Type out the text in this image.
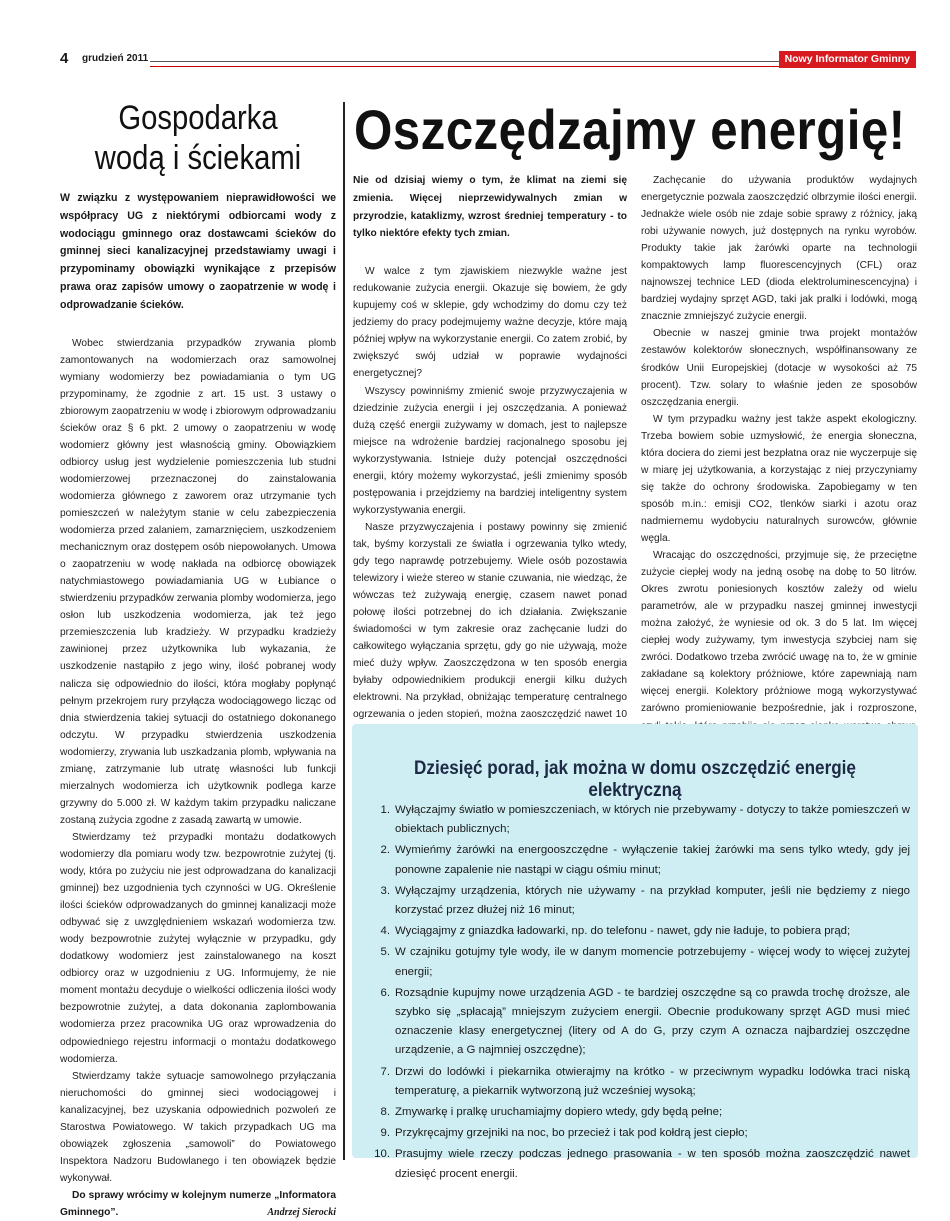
4 grudzień 2011	Nowy Informator Gminny
Gospodarka
wodą i ściekami

W związku z występowaniem nieprawidłowości we współpracy UG z niektórymi odbiorcami wody z wodociągu gminnego oraz dostawcami ścieków do gminnej sieci kanalizacyjnej przedstawiamy uwagi i przypominamy obowiązki wynikające z przepisów prawa oraz zapisów umowy o zaopatrzenie w wodę i odprowadzanie ścieków.

Wobec stwierdzania przypadków zrywania plomb zamontowanych na wodomierzach oraz samowolnej wymiany wodomierzy bez powiadamiania o tym UG przypominamy, że zgodnie z art. 15 ust. 3 ustawy o zbiorowym zaopatrzeniu w wodę i zbiorowym odprowadzaniu ścieków oraz § 6 pkt. 2 umowy o zaopatrzeniu w wodę wodomierz główny jest własnością gminy. Obowiązkiem odbiorcy usług jest wydzielenie pomieszczenia lub studni wodomierzowej przeznaczonej do zainstalowania wodomierza głównego z zaworem oraz utrzymanie tych pomieszczeń w należytym stanie w celu zabezpieczenia wodomierza przed zalaniem, zamarznięciem, uszkodzeniem mechanicznym oraz dostępem osób niepowołanych. Umowa o zaopatrzeniu w wodę nakłada na odbiorcę obowiązek natychmiastowego powiadamiania UG w Łubiance o stwierdzeniu przypadków zerwania plomby wodomierza, jego osłon lub uszkodzenia wodomierza, jak też jego przemieszczenia lub kradzieży. W przypadku kradzieży zawinionej przez użytkownika lub wykazania, że uszkodzenie nastąpiło z jego winy, ilość pobranej wody nalicza się odpowiednio do ilości, która mogłaby popłynąć pełnym przekrojem rury przyłącza wodociągowego licząc od dnia stwierdzenia takiej sytuacji do ostatniego dokonanego odczytu. W przypadku stwierdzenia uszkodzenia wodomierzy, zrywania lub uszkadzania plomb, wpływania na zmianę, zatrzymanie lub utratę własności lub funkcji mierzalnych wodomierza ich użytkownik podlega karze grzywny do 5.000 zł. W każdym takim przypadku naliczane zostaną zużycia zgodne z zasadą zawartą w umowie.

Stwierdzamy też przypadki montażu dodatkowych wodomierzy dla pomiaru wody tzw. bezpowrotnie zużytej (tj. wody, która po zużyciu nie jest odprowadzana do kanalizacji gminnej) bez uzgodnienia tych czynności w UG. Określenie ilości ścieków odprowadzanych do gminnej kanalizacji może odbywać się z uwzględnieniem wskazań wodomierza tzw. wody bezpowrotnie zużytej wyłącznie w przypadku, gdy dodatkowy wodomierz jest zainstalowanego na koszt odbiorcy oraz w uzgodnieniu z UG. Informujemy, że nie moment montażu decyduje o wielkości odliczenia ilości wody bezpowrotnie zużytej, a data dokonania zaplombowania wodomierza przez pracownika UG oraz wprowadzenia do odpowiedniego rejestru informacji o montażu dodatkowego wodomierza.

Stwierdzamy także sytuacje samowolnego przyłączania nieruchomości do gminnej sieci wodociągowej i kanalizacyjnej, bez uzyskania odpowiednich pozwoleń ze Starostwa Powiatowego. W takich przypadkach UG ma obowiązek zgłoszenia „samowoli” do Powiatowego Inspektora Nadzoru Budowlanego i ten obowiązek będzie wykonywał.

Do sprawy wrócimy w kolejnym numerze „Informatora Gminnego”.	Andrzej Sierocki

Oszczędzajmy energię!

Nie od dzisiaj wiemy o tym, że klimat na ziemi się zmienia. Więcej nieprzewidywalnych zmian w przyrodzie, kataklizmy, wzrost średniej temperatury - to tylko niektóre efekty tych zmian.

W walce z tym zjawiskiem niezwykle ważne jest redukowanie zużycia energii. Okazuje się bowiem, że gdy kupujemy coś w sklepie, gdy wchodzimy do domu czy też jedziemy do pracy podejmujemy ważne decyzje, które mają później wpływ na wykorzystanie energii. Co zatem zrobić, by zwiększyć swój udział w poprawie wydajności energetycznej?

Wszyscy powinniśmy zmienić swoje przyzwyczajenia w dziedzinie zużycia energii i jej oszczędzania. A ponieważ dużą część energii zużywamy w domach, jest to najlepsze miejsce na wdrożenie bardziej racjonalnego sposobu jej wykorzystywania. Istnieje duży potencjał oszczędności energii, który możemy wykorzystać, jeśli zmienimy sposób postępowania i przejdziemy na bardziej inteligentny system wykorzystywania energii.

Nasze przyzwyczajenia i postawy powinny się zmienić tak, byśmy korzystali ze światła i ogrzewania tylko wtedy, gdy tego naprawdę potrzebujemy. Wiele osób pozostawia telewizory i wieże stereo w stanie czuwania, nie wiedząc, że wówczas też zużywają energię, czasem nawet ponad połowę ilości potrzebnej do ich działania. Zwiększanie świadomości w tym zakresie oraz zachęcanie ludzi do całkowitego wyłączania sprzętu, gdy go nie używają, może mieć duży wpływ. Zaoszczędzona w ten sposób energia byłaby odpowiednikiem produkcji energii kilku dużych elektrowni. Na przykład, obniżając temperaturę centralnego ogrzewania o jeden stopień, można zaoszczędzić nawet 10

Zachęcanie do używania produktów wydajnych energetycznie pozwala zaoszczędzić olbrzymie ilości energii. Jednakże wiele osób nie zdaje sobie sprawy z różnicy, jaką robi używanie nowych, już dostępnych na rynku wyrobów. Produkty takie jak żarówki oparte na technologii kompaktowych lamp fluorescencyjnych (CFL) oraz najnowszej technice LED (dioda elektroluminescencyjna) i bardziej wydajny sprzęt AGD, taki jak pralki i lodówki, mogą znacznie zmniejszyć zużycie energii.

Obecnie w naszej gminie trwa projekt montażów zestawów kolektorów słonecznych, współfinansowany ze środków Unii Europejskiej (dotacje w wysokości aż 75 procent). Tzw. solary to właśnie jeden ze sposobów oszczędzania energii.

W tym przypadku ważny jest także aspekt ekologiczny. Trzeba bowiem sobie uzmysłowić, że energia słoneczna, która dociera do ziemi jest bezpłatna oraz nie wyczerpuje się w miarę jej użytkowania, a korzystając z niej przyczyniamy się także do ochrony środowiska. Zapobiegamy w ten sposób m.in.: emisji CO2, tlenków siarki i azotu oraz nadmiernemu wydobyciu naturalnych surowców, głównie węgla.

Wracając do oszczędności, przyjmuje się, że przeciętne zużycie ciepłej wody na jedną osobę na dobę to 50 litrów. Okres zwrotu poniesionych kosztów zależy od wielu parametrów, ale w przypadku naszej gminnej inwestycji można założyć, że wyniesie od ok. 3 do 5 lat. Im więcej ciepłej wody zużywamy, tym inwestycja szybciej nam się zwróci. Dodatkowo trzeba zwrócić uwagę na to, że w gminie zakładane są kolektory próżniowe, które zapewniają nam więcej energii. Kolektory próżniowe mogą wykorzystywać zarówno promieniowanie bezpośrednie, jak i rozproszone,

Dziesięć porad, jak można w domu oszczędzić energię elektryczną
1. Wyłączajmy światło w pomieszczeniach, w których nie przebywamy - dotyczy to także pomieszczeń w obiektach publicznych;
2. Wymieńmy żarówki na energooszczędne - wyłączenie takiej żarówki ma sens tylko wtedy, gdy jej ponowne zapalenie nie nastąpi w ciągu ośmiu minut;
3. Wyłączajmy urządzenia, których nie używamy - na przykład komputer, jeśli nie będziemy z niego korzystać przez dłużej niż 16 minut;
4. Wyciągajmy z gniazdka ładowarki, np. do telefonu - nawet, gdy nie ładuje, to pobiera prąd;
5. W czajniku gotujmy tyle wody, ile w danym momencie potrzebujemy - więcej wody to więcej zużytej energii;
6. Rozsądnie kupujmy nowe urządzenia AGD - te bardziej oszczędne są co prawda trochę droższe, ale szybko się „spłacają” mniejszym zużyciem energii. Obecnie produkowany sprzęt AGD musi mieć oznaczenie klasy energetycznej (litery od A do G, przy czym A oznacza najbardziej oszczędne urządzenie, a G najmniej oszczędne);
7. Drzwi do lodówki i piekarnika otwierajmy na krótko - w przeciwnym wypadku lodówka traci niską temperaturę, a piekarnik wytworzoną już wcześniej wysoką;
8. Zmywarkę i pralkę uruchamiajmy dopiero wtedy, gdy będą pełne;
9. Przykręcajmy grzejniki na noc, bo przecież i tak pod kołdrą jest ciepło;
10. Prasujmy wiele rzeczy podczas jednego prasowania - w ten sposób można zaoszczędzić nawet dziesięć procent energii.
